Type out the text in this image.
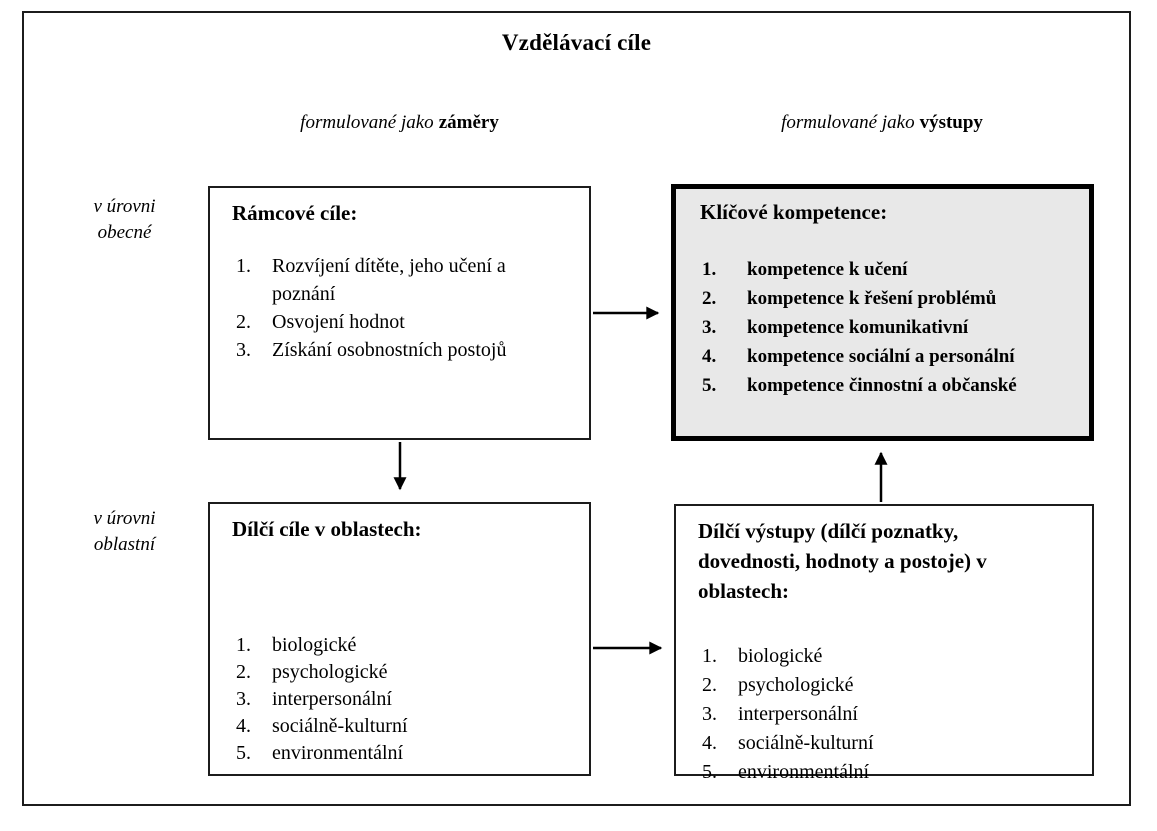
Vzdělávací cíle
formulované jako záměry	formulované jako výstupy
v úrovni
obecné
v úrovni
oblastní
Rámcové cíle:
1.	Rozvíjení dítěte, jeho učení a poznání
2.	Osvojení hodnot
3.	Získání osobnostních postojů
Klíčové kompetence:
1.	kompetence k učení
2.	kompetence k řešení problémů
3.	kompetence komunikativní
4.	kompetence sociální a personální
5.	kompetence činnostní a občanské
Dílčí cíle v oblastech:
1.	biologické
2.	psychologické
3.	interpersonální
4.	sociálně-kulturní
5.	environmentální
Dílčí výstupy (dílčí poznatky, dovednosti, hodnoty a postoje) v oblastech:
1.	biologické
2.	psychologické
3.	interpersonální
4.	sociálně-kulturní
5.	environmentální
